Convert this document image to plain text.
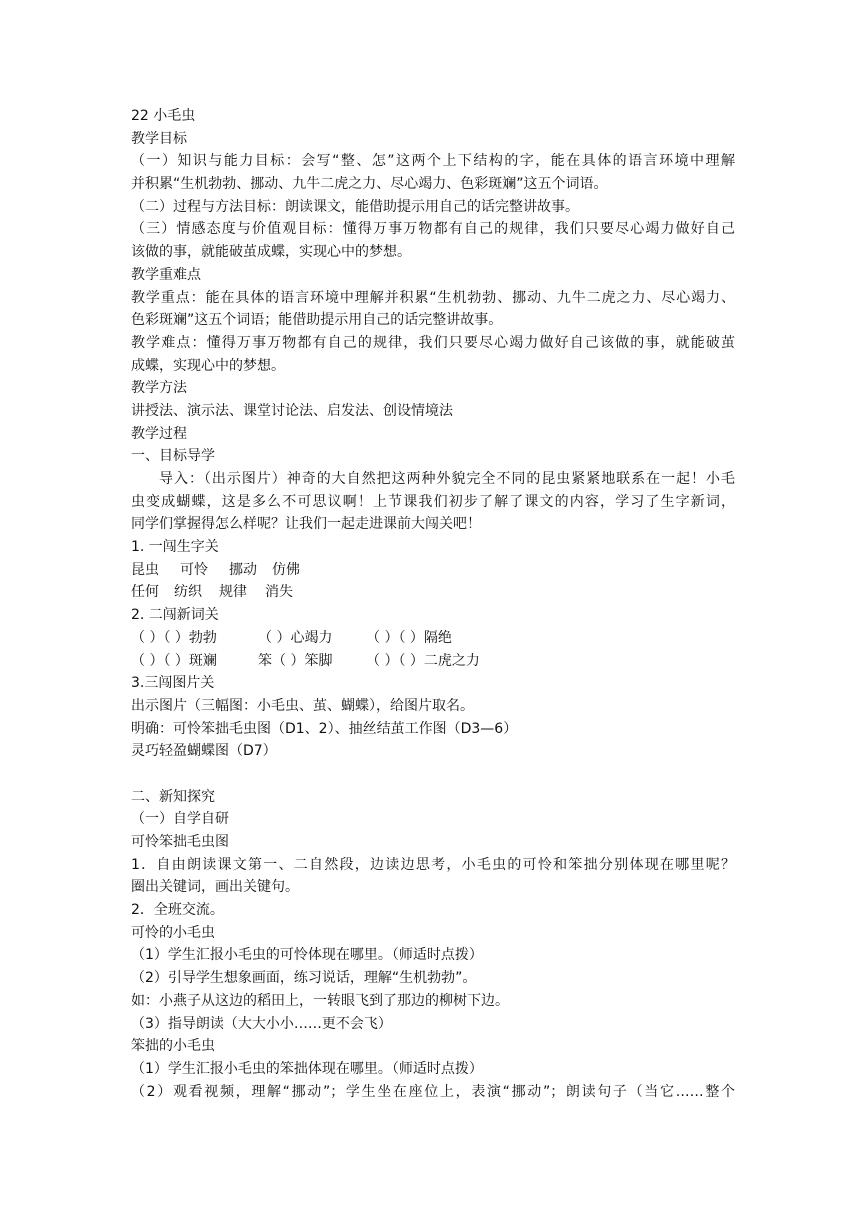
22 小毛虫
教学目标
（一）知识与能力目标：会写“整、怎”这两个上下结构的字，能在具体的语言环境中理解
并积累“生机勃勃、挪动、九牛二虎之力、尽心竭力、色彩斑斓”这五个词语。
（二）过程与方法目标：朗读课文，能借助提示用自己的话完整讲故事。
（三）情感态度与价值观目标：懂得万事万物都有自己的规律，我们只要尽心竭力做好自己
该做的事，就能破茧成蝶，实现心中的梦想。
教学重难点
教学重点：能在具体的语言环境中理解并积累“生机勃勃、挪动、九牛二虎之力、尽心竭力、
色彩斑斓”这五个词语；能借助提示用自己的话完整讲故事。
教学难点：懂得万事万物都有自己的规律，我们只要尽心竭力做好自己该做的事，就能破茧
成蝶，实现心中的梦想。
教学方法
讲授法、演示法、课堂讨论法、启发法、创设情境法
教学过程
一、目标导学
导入：（出示图片）神奇的大自然把这两种外貌完全不同的昆虫紧紧地联系在一起！小毛
虫变成蝴蝶，这是多么不可思议啊！上节课我们初步了解了课文的内容，学习了生字新词，
同学们掌握得怎么样呢？让我们一起走进课前大闯关吧！
1. 一闯生字关
昆虫 可怜 挪动 仿佛
任何 纺织 规律 消失
2. 二闯新词关
（ ）（ ）勃勃	（ ）心竭力 （ ）（ ）隔绝
（ ）（ ）斑斓	笨（ ）笨脚 （ ）（ ）二虎之力
3.三闯图片关
出示图片（三幅图：小毛虫、茧、蝴蝶），给图片取名。
明确：可怜笨拙毛虫图（D1、2）、抽丝结茧工作图（D3—6）
灵巧轻盈蝴蝶图（D7）
二、新知探究
（一）自学自研
可怜笨拙毛虫图
1．自由朗读课文第一、二自然段，边读边思考，小毛虫的可怜和笨拙分别体现在哪里呢？
圈出关键词，画出关键句。
2．全班交流。
可怜的小毛虫
（1）学生汇报小毛虫的可怜体现在哪里。（师适时点拨）
（2）引导学生想象画面，练习说话，理解“生机勃勃”。
如：小燕子从这边的稻田上，一转眼飞到了那边的柳树下边。
（3）指导朗读（大大小小……更不会飞）
笨拙的小毛虫
（1）学生汇报小毛虫的笨拙体现在哪里。（师适时点拨）
（2）观看视频，理解“挪动”；学生坐在座位上，表演“挪动”；朗读句子（当它……整个
